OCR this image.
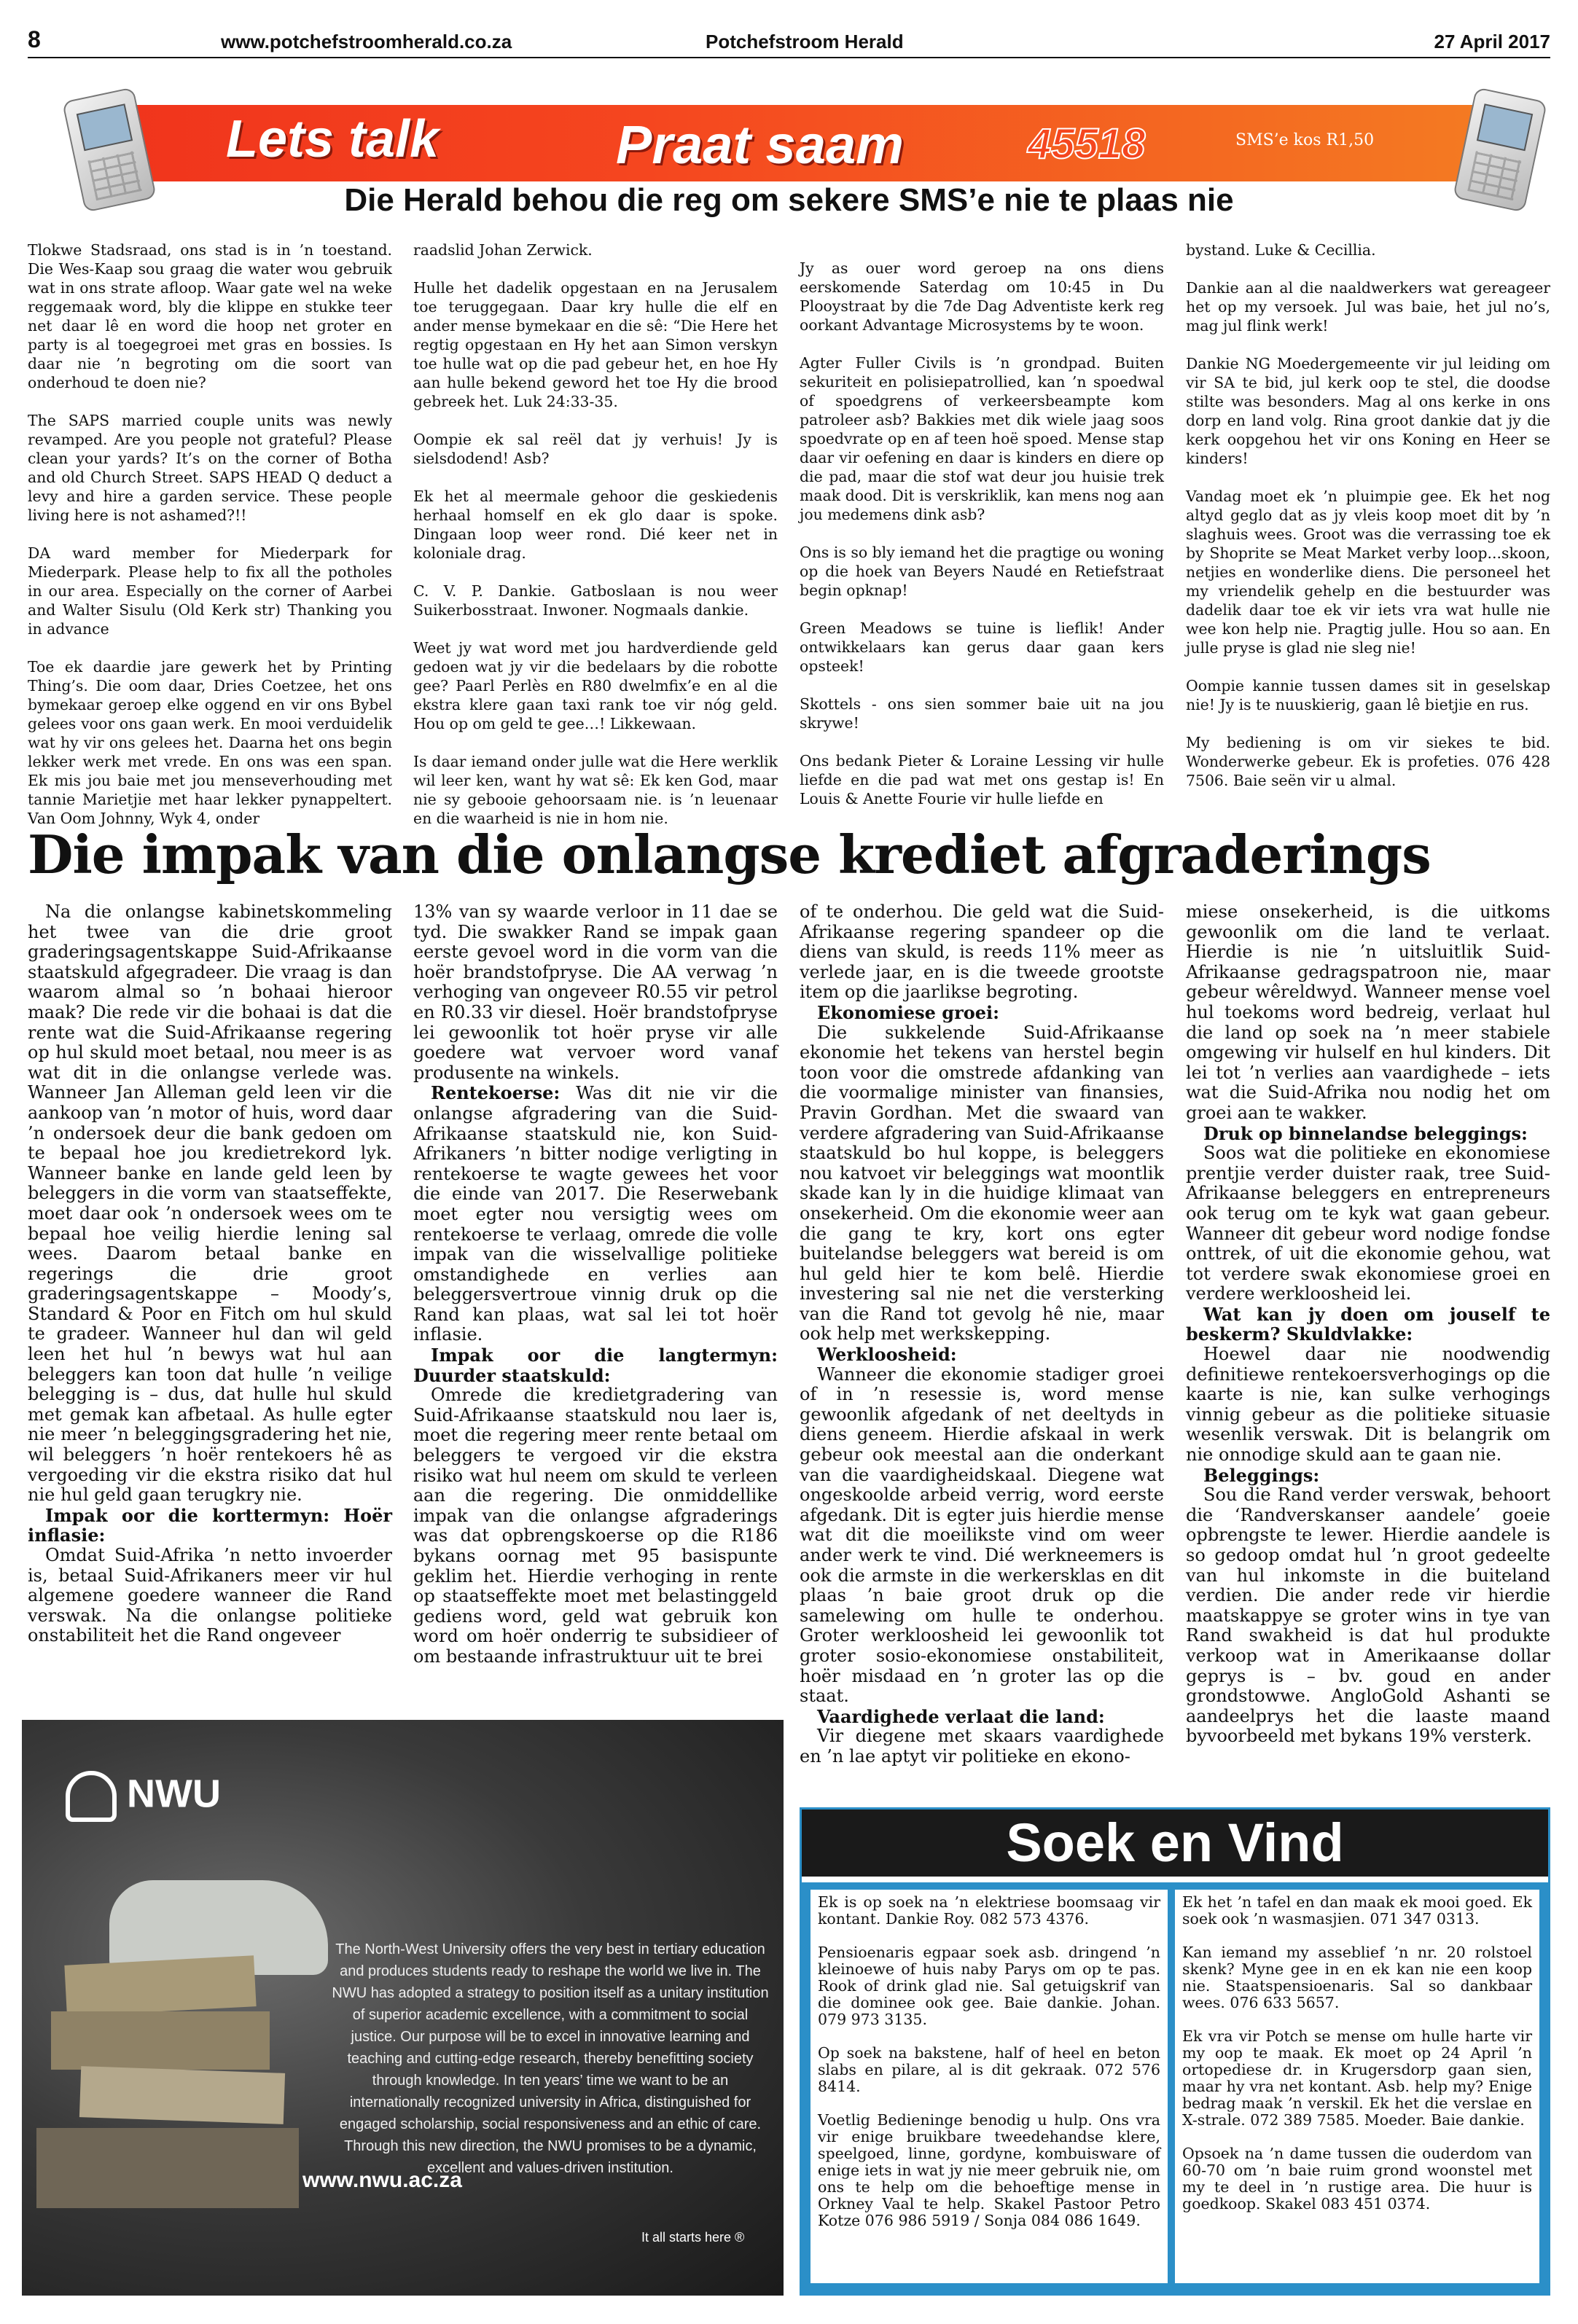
8	www.potchefstroomherald.co.za	Potchefstroom Herald	27 April 2017
Lets talk	Praat saam	45518	SMS’e kos R1,50
Die Herald behou die reg om sekere SMS’e nie te plaas nie

Tlokwe Stadsraad, ons stad is in ’n toestand. Die Wes-Kaap sou graag die water wou gebruik wat in ons strate afloop. Waar gate wel na weke reggemaak word, bly die klippe en stukke teer net daar lê en word die hoop net groter en party is al toegegroei met gras en bossies. Is daar nie ’n begroting om die soort van onderhoud te doen nie?

The SAPS married couple units was newly revamped. Are you people not grateful? Please clean your yards? It’s on the corner of Botha and old Church Street. SAPS HEAD Q deduct a levy and hire a garden service. These people living here is not ashamed?!!

DA ward member for Miederpark for Miederpark. Please help to fix all the potholes in our area. Especially on the corner of Aarbei and Walter Sisulu (Old Kerk str) Thanking you in advance

Toe ek daardie jare gewerk het by Printing Thing’s. Die oom daar, Dries Coetzee, het ons bymekaar geroep elke oggend en vir ons Bybel gelees voor ons gaan werk. En mooi verduidelik wat hy vir ons gelees het. Daarna het ons begin lekker werk met vrede. En ons was een span. Ek mis jou baie met jou menseverhouding met tannie Marietjie met haar lekker pynappeltert. Van Oom Johnny, Wyk 4, onder

raadslid Johan Zerwick.

Hulle het dadelik opgestaan en na Jerusalem toe teruggegaan. Daar kry hulle die elf en ander mense bymekaar en die sê: “Die Here het regtig opgestaan en Hy het aan Simon verskyn toe hulle wat op die pad gebeur het, en hoe Hy aan hulle bekend geword het toe Hy die brood gebreek het. Luk 24:33-35.

Oompie ek sal reël dat jy verhuis! Jy is sielsdodend! Asb?

Ek het al meermale gehoor die geskiedenis herhaal homself en ek glo daar is spoke. Dingaan loop weer rond. Dié keer net in koloniale drag.

C. V. P. Dankie. Gatboslaan is nou weer Suikerbosstraat. Inwoner. Nogmaals dankie.

Weet jy wat word met jou hardverdiende geld gedoen wat jy vir die bedelaars by die robotte gee? Paarl Perlès en R80 dwelmfix’e en al die ekstra klere gaan taxi rank toe vir nóg geld. Hou op om geld te gee…! Likkewaan.

Is daar iemand onder julle wat die Here werklik wil leer ken, want hy wat sê: Ek ken God, maar nie sy gebooie gehoorsaam nie. is ’n leuenaar en die waarheid is nie in hom nie.

Jy as ouer word geroep na ons diens eerskomende Saterdag om 10:45 in Du Plooystraat by die 7de Dag Adventiste kerk reg oorkant Advantage Microsystems by te woon.

Agter Fuller Civils is ’n grondpad. Buiten sekuriteit en polisiepatrollied, kan ’n spoedwal of spoedgrens of verkeersbeampte kom patroleer asb? Bakkies met dik wiele jaag soos spoedvrate op en af teen hoë spoed. Mense stap daar vir oefening en daar is kinders en diere op die pad, maar die stof wat deur jou huisie trek maak dood. Dit is verskriklik, kan mens nog aan jou medemens dink asb?

Ons is so bly iemand het die pragtige ou woning op die hoek van Beyers Naudé en Retiefstraat begin opknap!

Green Meadows se tuine is lieflik! Ander ontwikkelaars kan gerus daar gaan kers opsteek!

Skottels - ons sien sommer baie uit na jou skrywe!

Ons bedank Pieter & Loraine Lessing vir hulle liefde en die pad wat met ons gestap is! En Louis & Anette Fourie vir hulle liefde en

bystand. Luke & Cecillia.

Dankie aan al die naaldwerkers wat gereageer het op my versoek. Jul was baie, het jul no’s, mag jul flink werk!

Dankie NG Moedergemeente vir jul leiding om vir SA te bid, jul kerk oop te stel, die doodse stilte was besonders. Mag al ons kerke in ons dorp en land volg. Rina groot dankie dat jy die kerk oopgehou het vir ons Koning en Heer se kinders!

Vandag moet ek ’n pluimpie gee. Ek het nog altyd geglo dat as jy vleis koop moet dit by ’n slaghuis wees. Groot was die verrassing toe ek by Shoprite se Meat Market verby loop...skoon, netjies en wonderlike diens. Die personeel het my vriendelik gehelp en die bestuurder was dadelik daar toe ek vir iets vra wat hulle nie wee kon help nie. Pragtig julle. Hou so aan. En julle pryse is glad nie sleg nie!

Oompie kannie tussen dames sit in geselskap nie! Jy is te nuuskierig, gaan lê bietjie en rus.

My bediening is om vir siekes te bid. Wonderwerke gebeur. Ek is profeties. 076 428 7506. Baie seën vir u almal.

Die impak van die onlangse krediet afgraderings

Na die onlangse kabinetskommeling het twee van die drie groot graderingsagentskappe Suid-Afrikaanse staatskuld afgegradeer. Die vraag is dan waarom almal so ’n bohaai hieroor maak? Die rede vir die bohaai is dat die rente wat die Suid-Afrikaanse regering op hul skuld moet betaal, nou meer is as wat dit in die onlangse verlede was. Wanneer Jan Alleman geld leen vir die aankoop van ’n motor of huis, word daar ’n ondersoek deur die bank gedoen om te bepaal hoe jou kredietrekord lyk. Wanneer banke en lande geld leen by beleggers in die vorm van staatseffekte, moet daar ook ’n ondersoek wees om te bepaal hoe veilig hierdie lening sal wees. Daarom betaal banke en regerings die drie groot graderingsagentskappe – Moody’s, Standard & Poor en Fitch om hul skuld te gradeer. Wanneer hul dan wil geld leen het hul ’n bewys wat hul aan beleggers kan toon dat hulle ’n veilige belegging is – dus, dat hulle hul skuld met gemak kan afbetaal. As hulle egter nie meer ’n beleggingsgradering het nie, wil beleggers ’n hoër rentekoers hê as vergoeding vir die ekstra risiko dat hul nie hul geld gaan terugkry nie.

Impak oor die korttermyn: Hoër inflasie:

Omdat Suid-Afrika ’n netto invoerder is, betaal Suid-Afrikaners meer vir hul algemene goedere wanneer die Rand verswak. Na die onlangse politieke onstabiliteit het die Rand ongeveer

13% van sy waarde verloor in 11 dae se tyd. Die swakker Rand se impak gaan eerste gevoel word in die vorm van die hoër brandstofpryse. Die AA verwag ’n verhoging van ongeveer R0.55 vir petrol en R0.33 vir diesel. Hoër brandstofpryse lei gewoonlik tot hoër pryse vir alle goedere wat vervoer word vanaf produsente na winkels.

Rentekoerse: Was dit nie vir die onlangse afgradering van die Suid-Afrikaanse staatskuld nie, kon Suid-Afrikaners ’n bitter nodige verligting in rentekoerse te wagte gewees het voor die einde van 2017. Die Reserwebank moet egter nou versigtig wees om rentekoerse te verlaag, omrede die volle impak van die wisselvallige politieke omstandighede en verlies aan beleggersvertroue vinnig druk op die Rand kan plaas, wat sal lei tot hoër inflasie.

Impak oor die langtermyn: Duurder staatskuld:

Omrede die kredietgradering van Suid-Afrikaanse staatskuld nou laer is, moet die regering meer rente betaal om beleggers te vergoed vir die ekstra risiko wat hul neem om skuld te verleen aan die regering. Die onmiddellike impak van die onlangse afgraderings was dat opbrengskoerse op die R186 bykans oornag met 95 basispunte geklim het. Hierdie verhoging in rente op staatseffekte moet met belastinggeld gediens word, geld wat gebruik kon word om hoër onderrig te subsidieer of om bestaande infrastruktuur uit te brei

of te onderhou. Die geld wat die Suid-Afrikaanse regering spandeer op die diens van skuld, is reeds 11% meer as verlede jaar, en is die tweede grootste item op die jaarlikse begroting.

Ekonomiese groei:

Die sukkelende Suid-Afrikaanse ekonomie het tekens van herstel begin toon voor die omstrede afdanking van die voormalige minister van finansies, Pravin Gordhan. Met die swaard van verdere afgradering van Suid-Afrikaanse staatskuld bo hul koppe, is beleggers nou katvoet vir beleggings wat moontlik skade kan ly in die huidige klimaat van onsekerheid. Om die ekonomie weer aan die gang te kry, kort ons egter buitelandse beleggers wat bereid is om hul geld hier te kom belê. Hierdie investering sal nie net die versterking van die Rand tot gevolg hê nie, maar ook help met werkskepping.

Werkloosheid:

Wanneer die ekonomie stadiger groei of in ’n resessie is, word mense gewoonlik afgedank of net deeltyds in diens geneem. Hierdie afskaal in werk gebeur ook meestal aan die onderkant van die vaardigheidskaal. Diegene wat ongeskoolde arbeid verrig, word eerste afgedank. Dit is egter juis hierdie mense wat dit die moeilikste vind om weer ander werk te vind. Dié werkneemers is ook die armste in die werkersklas en dit plaas ’n baie groot druk op die samelewing om hulle te onderhou. Groter werkloosheid lei gewoonlik tot groter sosio-ekonomiese onstabiliteit, hoër misdaad en ’n groter las op die staat.

Vaardighede verlaat die land:

Vir diegene met skaars vaardighede en ’n lae aptyt vir politieke en ekono-

miese onsekerheid, is die uitkoms gewoonlik om die land te verlaat. Hierdie is nie ’n uitsluitlik Suid-Afrikaanse gedragspatroon nie, maar gebeur wêreldwyd. Wanneer mense voel hul toekoms word bedreig, verlaat hul die land op soek na ’n meer stabiele omgewing vir hulself en hul kinders. Dit lei tot ’n verlies aan vaardighede – iets wat die Suid-Afrika nou nodig het om groei aan te wakker.

Druk op binnelandse beleggings:

Soos wat die politieke en ekonomiese prentjie verder duister raak, tree Suid-Afrikaanse beleggers en entrepreneurs ook terug om te kyk wat gaan gebeur. Wanneer dit gebeur word nodige fondse onttrek, of uit die ekonomie gehou, wat tot verdere swak ekonomiese groei en verdere werkloosheid lei.

Wat kan jy doen om jouself te beskerm? Skuldvlakke:

Hoewel daar nie noodwendig definitiewe rentekoersverhogings op die kaarte is nie, kan sulke verhogings vinnig gebeur as die politieke situasie wesenlik verswak. Dit is belangrik om nie onnodige skuld aan te gaan nie.

Beleggings:

Sou die Rand verder verswak, behoort die ‘Randverskanser aandele’ goeie opbrengste te lewer. Hierdie aandele is so gedoop omdat hul ’n groot gedeelte van hul inkomste in die buiteland verdien. Die ander rede vir hierdie maatskappye se groter wins in tye van Rand swakheid is dat hul produkte verkoop wat in Amerikaanse dollar geprys is – bv. goud en ander grondstowwe. AngloGold Ashanti se aandeelprys het die laaste maand byvoorbeeld met bykans 19% versterk.

NWU
The North-West University offers the very best in tertiary education and produces students ready to reshape the world we live in. The NWU has adopted a strategy to position itself as a unitary institution of superior academic excellence, with a commitment to social justice. Our purpose will be to excel in innovative learning and teaching and cutting-edge research, thereby benefitting society through knowledge. In ten years’ time we want to be an internationally recognized university in Africa, distinguished for engaged scholarship, social responsiveness and an ethic of care. Through this new direction, the NWU promises to be a dynamic, excellent and values-driven institution.
www.nwu.ac.za
It all starts here ®
Soek en Vind

Ek is op soek na ’n elektriese boomsaag vir kontant. Dankie Roy. 082 573 4376.

Pensioenaris egpaar soek asb. dringend ’n kleinoewe of huis naby Parys om op te pas. Rook of drink glad nie. Sal getuigskrif van die dominee ook gee. Baie dankie. Johan. 079 973 3135.

Op soek na bakstene, half of heel en beton slabs en pilare, al is dit gekraak. 072 576 8414.

Voetlig Bedieninge benodig u hulp. Ons vra vir enige bruikbare tweedehandse klere, speelgoed, linne, gordyne, kombuisware of enige iets in wat jy nie meer gebruik nie, om ons te help om die behoeftige mense in Orkney Vaal te help. Skakel Pastoor Petro Kotze 076 986 5919 / Sonja 084 086 1649.

Ek het ’n tafel en dan maak ek mooi goed. Ek soek ook ’n wasmasjien. 071 347 0313.

Kan iemand my asseblief ’n nr. 20 rolstoel skenk? Myne gee in en ek kan nie een koop nie. Staatspensioenaris. Sal so dankbaar wees. 076 633 5657.

Ek vra vir Potch se mense om hulle harte vir my oop te maak. Ek moet op 24 April ’n ortopediese dr. in Krugersdorp gaan sien, maar hy vra net kontant. Asb. help my? Enige bedrag maak ’n verskil. Ek het die verslae en X-strale. 072 389 7585. Moeder. Baie dankie.

Opsoek na ’n dame tussen die ouderdom van 60-70 om ’n baie ruim grond woonstel met my te deel in ’n rustige area. Die huur is goedkoop. Skakel 083 451 0374.
